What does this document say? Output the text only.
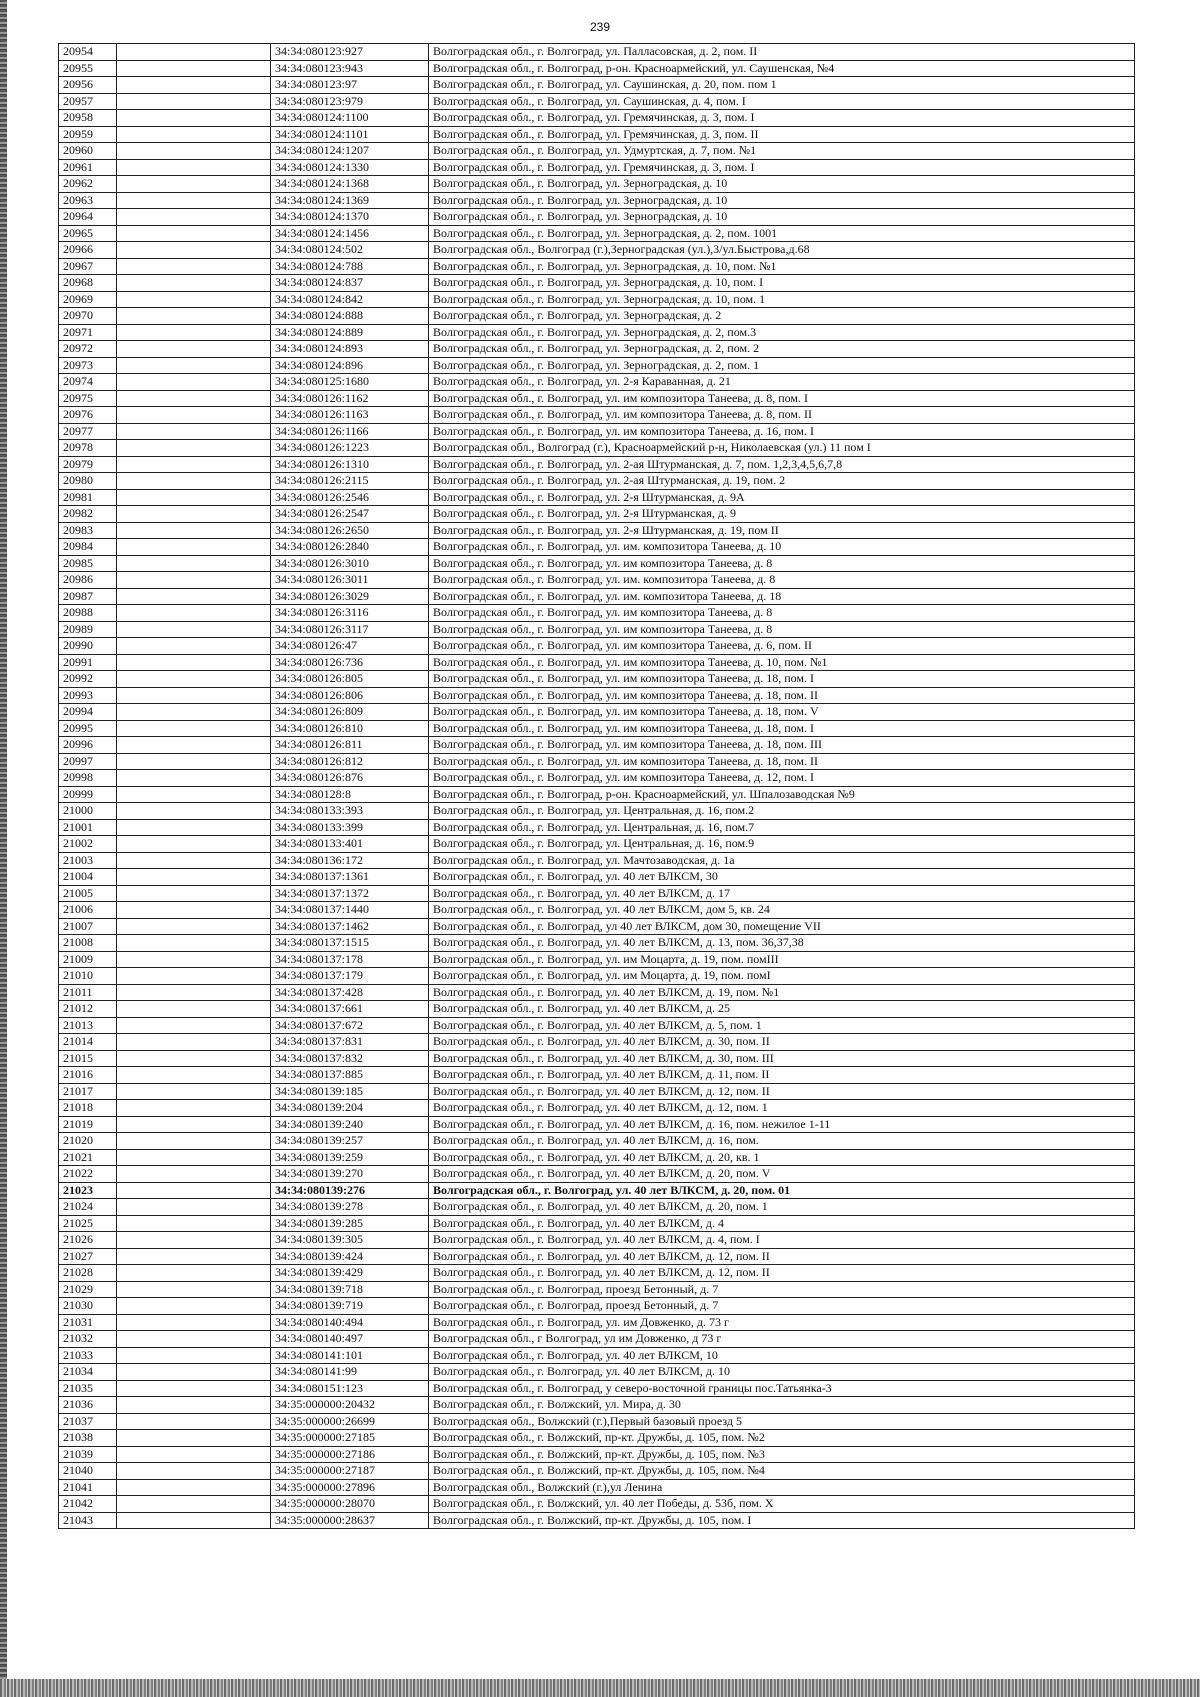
239
20954		34:34:080123:927	Волгоградская обл., г. Волгоград, ул. Палласовская, д. 2, пом. II
20955		34:34:080123:943	Волгоградская обл., г. Волгоград, р-он. Красноармейский, ул. Саушенская, №4
20956		34:34:080123:97	Волгоградская обл., г. Волгоград, ул. Саушинская, д. 20, пом. пом 1
20957		34:34:080123:979	Волгоградская обл., г. Волгоград, ул. Саушинская, д. 4, пом. I
20958		34:34:080124:1100	Волгоградская обл., г. Волгоград, ул. Гремячинская, д. 3, пом. I
20959		34:34:080124:1101	Волгоградская обл., г. Волгоград, ул. Гремячинская, д. 3, пом. II
20960		34:34:080124:1207	Волгоградская обл., г. Волгоград, ул. Удмуртская, д. 7, пом. №1
20961		34:34:080124:1330	Волгоградская обл., г. Волгоград, ул. Гремячинская, д. 3, пом. I
20962		34:34:080124:1368	Волгоградская обл., г. Волгоград, ул. Зерноградская, д. 10
20963		34:34:080124:1369	Волгоградская обл., г. Волгоград, ул. Зерноградская, д. 10
20964		34:34:080124:1370	Волгоградская обл., г. Волгоград, ул. Зерноградская, д. 10
20965		34:34:080124:1456	Волгоградская обл., г. Волгоград, ул. Зерноградская, д. 2, пом. 1001
20966		34:34:080124:502	Волгоградская обл., Волгоград (г.),Зерноградская (ул.),3/ул.Быстрова,д.68
20967		34:34:080124:788	Волгоградская обл., г. Волгоград, ул. Зерноградская, д. 10, пом. №1
20968		34:34:080124:837	Волгоградская обл., г. Волгоград, ул. Зерноградская, д. 10, пом. I
20969		34:34:080124:842	Волгоградская обл., г. Волгоград, ул. Зерноградская, д. 10, пом. 1
20970		34:34:080124:888	Волгоградская обл., г. Волгоград, ул. Зерноградская, д. 2
20971		34:34:080124:889	Волгоградская обл., г. Волгоград, ул. Зерноградская, д. 2, пом.3
20972		34:34:080124:893	Волгоградская обл., г. Волгоград, ул. Зерноградская, д. 2, пом. 2
20973		34:34:080124:896	Волгоградская обл., г. Волгоград, ул. Зерноградская, д. 2, пом. 1
20974		34:34:080125:1680	Волгоградская обл., г. Волгоград, ул. 2-я Караванная, д. 21
20975		34:34:080126:1162	Волгоградская обл., г. Волгоград, ул. им композитора Танеева, д. 8, пом. I
20976		34:34:080126:1163	Волгоградская обл., г. Волгоград, ул. им композитора Танеева, д. 8, пом. II
20977		34:34:080126:1166	Волгоградская обл., г. Волгоград, ул. им композитора Танеева, д. 16, пом. I
20978		34:34:080126:1223	Волгоградская обл., Волгоград (г.), Красноармейский р-н, Николаевская (ул.) 11 пом I
20979		34:34:080126:1310	Волгоградская обл., г. Волгоград, ул. 2-ая Штурманская, д. 7, пом. 1,2,3,4,5,6,7,8
20980		34:34:080126:2115	Волгоградская обл., г. Волгоград, ул. 2-ая Штурманская, д. 19, пом. 2
20981		34:34:080126:2546	Волгоградская обл., г. Волгоград, ул. 2-я Штурманская, д. 9А
20982		34:34:080126:2547	Волгоградская обл., г. Волгоград, ул. 2-я Штурманская, д. 9
20983		34:34:080126:2650	Волгоградская обл., г. Волгоград, ул. 2-я Штурманская, д. 19, пом II
20984		34:34:080126:2840	Волгоградская обл., г. Волгоград, ул. им. композитора Танеева, д. 10
20985		34:34:080126:3010	Волгоградская обл., г. Волгоград, ул. им композитора Танеева, д. 8
20986		34:34:080126:3011	Волгоградская обл., г. Волгоград, ул. им. композитора Танеева, д. 8
20987		34:34:080126:3029	Волгоградская обл., г. Волгоград, ул. им. композитора Танеева, д. 18
20988		34:34:080126:3116	Волгоградская обл., г. Волгоград, ул. им композитора Танеева, д. 8
20989		34:34:080126:3117	Волгоградская обл., г. Волгоград, ул. им композитора Танеева, д. 8
20990		34:34:080126:47	Волгоградская обл., г. Волгоград, ул. им композитора Танеева, д. 6, пом. II
20991		34:34:080126:736	Волгоградская обл., г. Волгоград, ул. им композитора Танеева, д. 10, пом. №1
20992		34:34:080126:805	Волгоградская обл., г. Волгоград, ул. им композитора Танеева, д. 18, пом. I
20993		34:34:080126:806	Волгоградская обл., г. Волгоград, ул. им композитора Танеева, д. 18, пом. II
20994		34:34:080126:809	Волгоградская обл., г. Волгоград, ул. им композитора Танеева, д. 18, пом. V
20995		34:34:080126:810	Волгоградская обл., г. Волгоград, ул. им композитора Танеева, д. 18, пом. I
20996		34:34:080126:811	Волгоградская обл., г. Волгоград, ул. им композитора Танеева, д. 18, пом. III
20997		34:34:080126:812	Волгоградская обл., г. Волгоград, ул. им композитора Танеева, д. 18, пом. II
20998		34:34:080126:876	Волгоградская обл., г. Волгоград, ул. им композитора Танеева, д. 12, пом. I
20999		34:34:080128:8	Волгоградская обл., г. Волгоград, р-он. Красноармейский, ул. Шпалозаводская №9
21000		34:34:080133:393	Волгоградская обл., г. Волгоград, ул. Центральная, д. 16, пом.2
21001		34:34:080133:399	Волгоградская обл., г. Волгоград, ул. Центральная, д. 16, пом.7
21002		34:34:080133:401	Волгоградская обл., г. Волгоград, ул. Центральная, д. 16, пом.9
21003		34:34:080136:172	Волгоградская обл., г. Волгоград, ул. Мачтозаводская, д. 1а
21004		34:34:080137:1361	Волгоградская обл., г. Волгоград, ул. 40 лет ВЛКСМ, 30
21005		34:34:080137:1372	Волгоградская обл., г. Волгоград, ул. 40 лет ВЛКСМ, д. 17
21006		34:34:080137:1440	Волгоградская обл., г. Волгоград, ул. 40 лет ВЛКСМ, дом 5, кв. 24
21007		34:34:080137:1462	Волгоградская обл., г. Волгоград, ул 40 лет ВЛКСМ, дом 30, помещение VII
21008		34:34:080137:1515	Волгоградская обл., г. Волгоград, ул. 40 лет ВЛКСМ, д. 13, пом. 36,37,38
21009		34:34:080137:178	Волгоградская обл., г. Волгоград, ул. им Моцарта, д. 19, пом. помIII
21010		34:34:080137:179	Волгоградская обл., г. Волгоград, ул. им Моцарта, д. 19, пом. помI
21011		34:34:080137:428	Волгоградская обл., г. Волгоград, ул. 40 лет ВЛКСМ, д. 19, пом. №1
21012		34:34:080137:661	Волгоградская обл., г. Волгоград, ул. 40 лет ВЛКСМ, д. 25
21013		34:34:080137:672	Волгоградская обл., г. Волгоград, ул. 40 лет ВЛКСМ, д. 5, пом. 1
21014		34:34:080137:831	Волгоградская обл., г. Волгоград, ул. 40 лет ВЛКСМ, д. 30, пом. II
21015		34:34:080137:832	Волгоградская обл., г. Волгоград, ул. 40 лет ВЛКСМ, д. 30, пом. III
21016		34:34:080137:885	Волгоградская обл., г. Волгоград, ул. 40 лет ВЛКСМ, д. 11, пом. II
21017		34:34:080139:185	Волгоградская обл., г. Волгоград, ул. 40 лет ВЛКСМ, д. 12, пом. II
21018		34:34:080139:204	Волгоградская обл., г. Волгоград, ул. 40 лет ВЛКСМ, д. 12, пом. 1
21019		34:34:080139:240	Волгоградская обл., г. Волгоград, ул. 40 лет ВЛКСМ, д. 16, пом. нежилое 1-11
21020		34:34:080139:257	Волгоградская обл., г. Волгоград, ул. 40 лет ВЛКСМ, д. 16, пом.
21021		34:34:080139:259	Волгоградская обл., г. Волгоград, ул. 40 лет ВЛКСМ, д. 20, кв. 1
21022		34:34:080139:270	Волгоградская обл., г. Волгоград, ул. 40 лет ВЛКСМ, д. 20, пом. V
21023		34:34:080139:276	Волгоградская обл., г. Волгоград, ул. 40 лет ВЛКСМ, д. 20, пом. 01
21024		34:34:080139:278	Волгоградская обл., г. Волгоград, ул. 40 лет ВЛКСМ, д. 20, пом. 1
21025		34:34:080139:285	Волгоградская обл., г. Волгоград, ул. 40 лет ВЛКСМ, д. 4
21026		34:34:080139:305	Волгоградская обл., г. Волгоград, ул. 40 лет ВЛКСМ, д. 4, пом. I
21027		34:34:080139:424	Волгоградская обл., г. Волгоград, ул. 40 лет ВЛКСМ, д. 12, пом. II
21028		34:34:080139:429	Волгоградская обл., г. Волгоград, ул. 40 лет ВЛКСМ, д. 12, пом. II
21029		34:34:080139:718	Волгоградская обл., г. Волгоград, проезд Бетонный, д. 7
21030		34:34:080139:719	Волгоградская обл., г. Волгоград, проезд Бетонный, д. 7
21031		34:34:080140:494	Волгоградская обл., г. Волгоград, ул. им Довженко, д. 73 г
21032		34:34:080140:497	Волгоградская обл., г Волгоград, ул им Довженко, д 73 г
21033		34:34:080141:101	Волгоградская обл., г. Волгоград, ул. 40 лет ВЛКСМ, 10
21034		34:34:080141:99	Волгоградская обл., г. Волгоград, ул. 40 лет ВЛКСМ, д. 10
21035		34:34:080151:123	Волгоградская обл., г. Волгоград, у северо-восточной границы пос.Татьянка-3
21036		34:35:000000:20432	Волгоградская обл., г. Волжский, ул. Мира, д. 30
21037		34:35:000000:26699	Волгоградская обл., Волжский (г.),Первый базовый проезд 5
21038		34:35:000000:27185	Волгоградская обл., г. Волжский, пр-кт. Дружбы, д. 105, пом. №2
21039		34:35:000000:27186	Волгоградская обл., г. Волжский, пр-кт. Дружбы, д. 105, пом. №3
21040		34:35:000000:27187	Волгоградская обл., г. Волжский, пр-кт. Дружбы, д. 105, пом. №4
21041		34:35:000000:27896	Волгоградская обл., Волжский (г.),ул Ленина
21042		34:35:000000:28070	Волгоградская обл., г. Волжский, ул. 40 лет Победы, д. 53б, пом. X
21043		34:35:000000:28637	Волгоградская обл., г. Волжский, пр-кт. Дружбы, д. 105, пом. I
